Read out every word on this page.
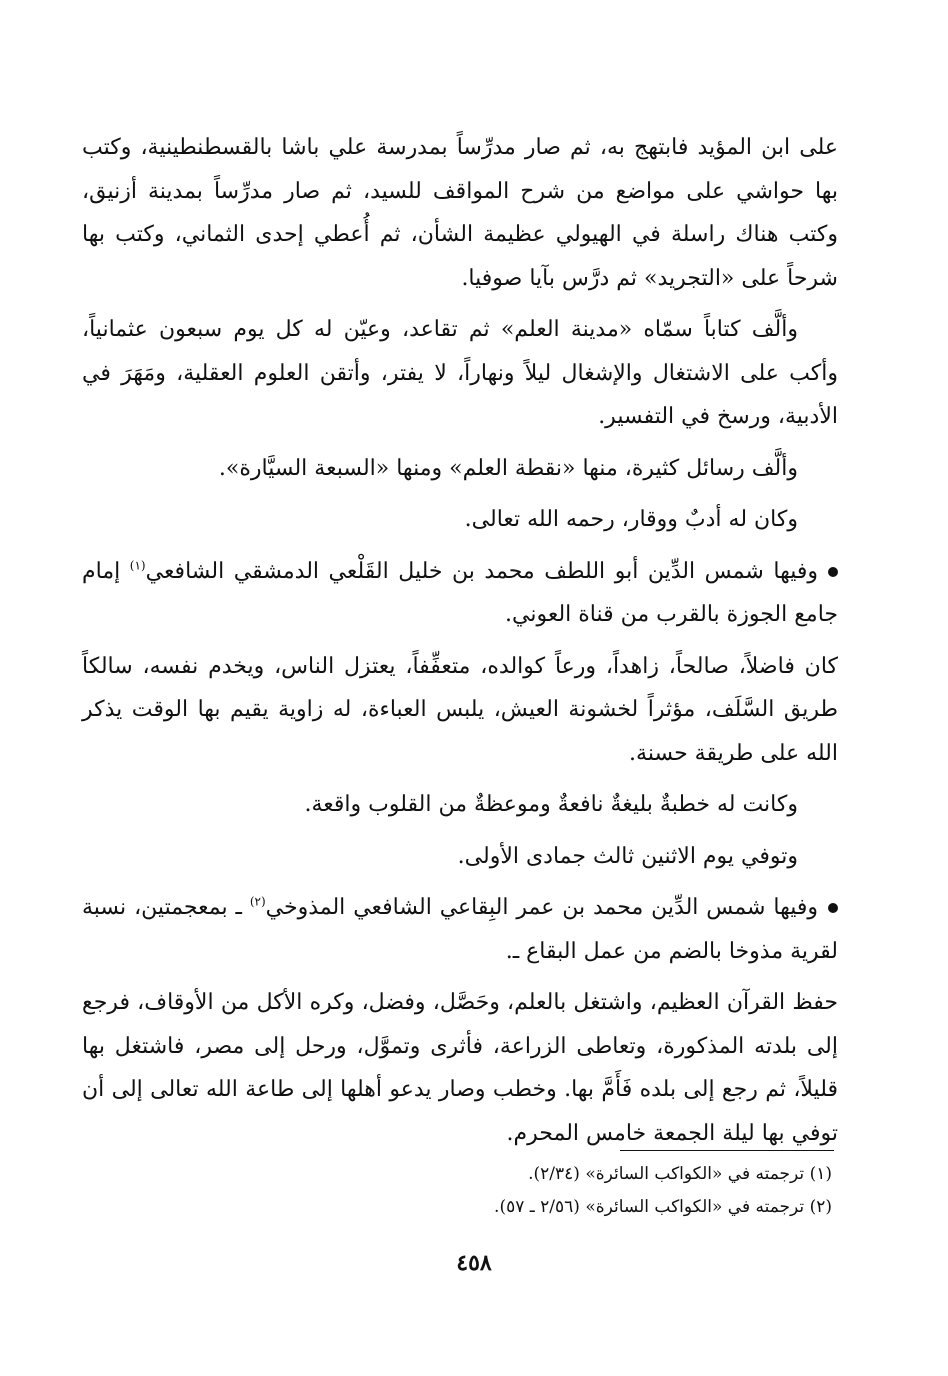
على ابن المؤيد فابتهج به، ثم صار مدرِّساً بمدرسة علي باشا بالقسطنطينية، وكتب بها حواشي على مواضع من شرح المواقف للسيد، ثم صار مدرِّساً بمدينة أزنيق، وكتب هناك راسلة في الهيولي عظيمة الشأن، ثم أُعطي إحدى الثماني، وكتب بها شرحاً على «التجريد» ثم درَّس بآيا صوفيا.

وألَّف كتاباً سمّاه «مدينة العلم» ثم تقاعد، وعيّن له كل يوم سبعون عثمانياً، وأكب على الاشتغال والإشغال ليلاً ونهاراً، لا يفتر، وأتقن العلوم العقلية، ومَهَرَ في الأدبية، ورسخ في التفسير.

وألَّف رسائل كثيرة، منها «نقطة العلم» ومنها «السبعة السيَّارة».

وكان له أدبٌ ووقار، رحمه الله تعالى.

وفيها شمس الدِّين أبو اللطف محمد بن خليل القَلْعي الدمشقي الشافعي$^{(١)}$ إمام جامع الجوزة بالقرب من قناة العوني.

كان فاضلاً، صالحاً، زاهداً، ورعاً كوالده، متعفِّفاً، يعتزل الناس، ويخدم نفسه، سالكاً طريق السَّلَف، مؤثراً لخشونة العيش، يلبس العباءة، له زاوية يقيم بها الوقت يذكر الله على طريقة حسنة.

وكانت له خطبةٌ بليغةٌ نافعةٌ وموعظةٌ من القلوب واقعة.

وتوفي يوم الاثنين ثالث جمادى الأولى.

وفيها شمس الدِّين محمد بن عمر البِقاعي الشافعي المذوخي$^{(٢)}$ ـ بمعجمتين، نسبة لقرية مذوخا بالضم من عمل البقاع ـ.

حفظ القرآن العظيم، واشتغل بالعلم، وحَصَّل، وفضل، وكره الأكل من الأوقاف، فرجع إلى بلدته المذكورة، وتعاطى الزراعة، فأثرى وتموَّل، ورحل إلى مصر، فاشتغل بها قليلاً، ثم رجع إلى بلده فَأَمَّ بها. وخطب وصار يدعو أهلها إلى طاعة الله تعالى إلى أن توفي بها ليلة الجمعة خامس المحرم.

(١) ترجمته في «الكواكب السائرة» (٢/٣٤).
(٢) ترجمته في «الكواكب السائرة» (٢/٥٦ ـ ٥٧).
٤٥٨
